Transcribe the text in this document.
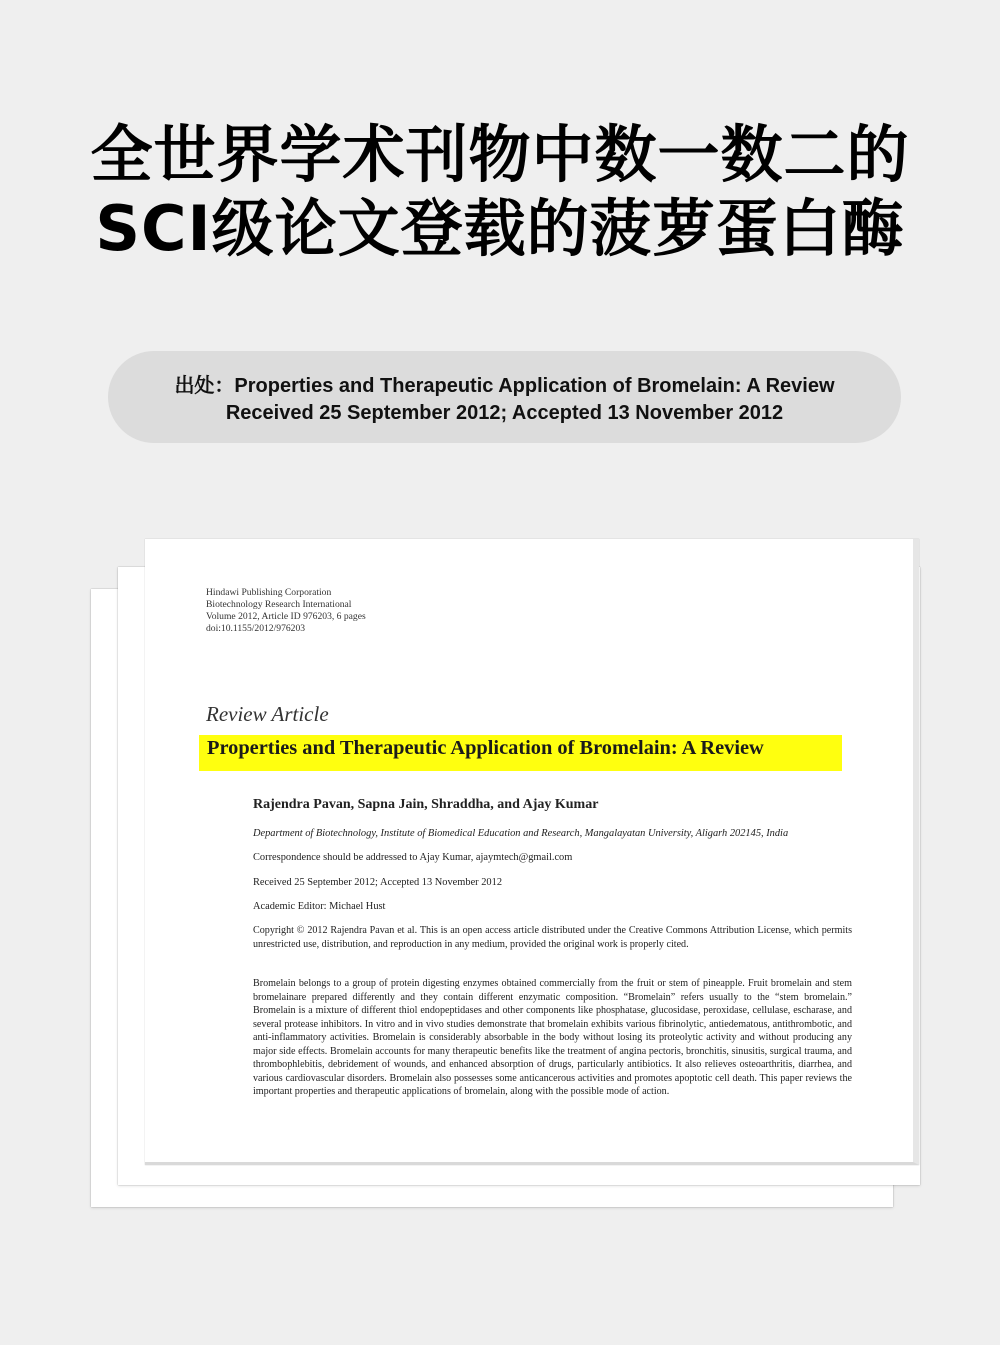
全世界学术刊物中数一数二的
SCI级论文登载的菠萝蛋白酶
出处：Properties and Therapeutic Application of Bromelain: A Review
Received 25 September 2012; Accepted 13 November 2012
Hindawi Publishing Corporation
Biotechnology Research International
Volume 2012, Article ID 976203, 6 pages
doi:10.1155/2012/976203
Review Article
Properties and Therapeutic Application of Bromelain: A Review
Rajendra Pavan, Sapna Jain, Shraddha, and Ajay Kumar
Department of Biotechnology, Institute of Biomedical Education and Research, Mangalayatan University, Aligarh 202145, India
Correspondence should be addressed to Ajay Kumar, ajaymtech@gmail.com
Received 25 September 2012; Accepted 13 November 2012
Academic Editor: Michael Hust
Copyright © 2012 Rajendra Pavan et al. This is an open access article distributed under the Creative Commons Attribution License, which permits unrestricted use, distribution, and reproduction in any medium, provided the original work is properly cited.
Bromelain belongs to a group of protein digesting enzymes obtained commercially from the fruit or stem of pineapple. Fruit bromelain and stem bromelainare prepared differently and they contain different enzymatic composition. “Bromelain” refers usually to the “stem bromelain.” Bromelain is a mixture of different thiol endopeptidases and other components like phosphatase, glucosidase, peroxidase, cellulase, escharase, and several protease inhibitors. In vitro and in vivo studies demonstrate that bromelain exhibits various fibrinolytic, antiedematous, antithrombotic, and anti-inflammatory activities. Bromelain is considerably absorbable in the body without losing its proteolytic activity and without producing any major side effects. Bromelain accounts for many therapeutic benefits like the treatment of angina pectoris, bronchitis, sinusitis, surgical trauma, and thrombophlebitis, debridement of wounds, and enhanced absorption of drugs, particularly antibiotics. It also relieves osteoarthritis, diarrhea, and various cardiovascular disorders. Bromelain also possesses some anticancerous activities and promotes apoptotic cell death. This paper reviews the important properties and therapeutic applications of bromelain, along with the possible mode of action.
